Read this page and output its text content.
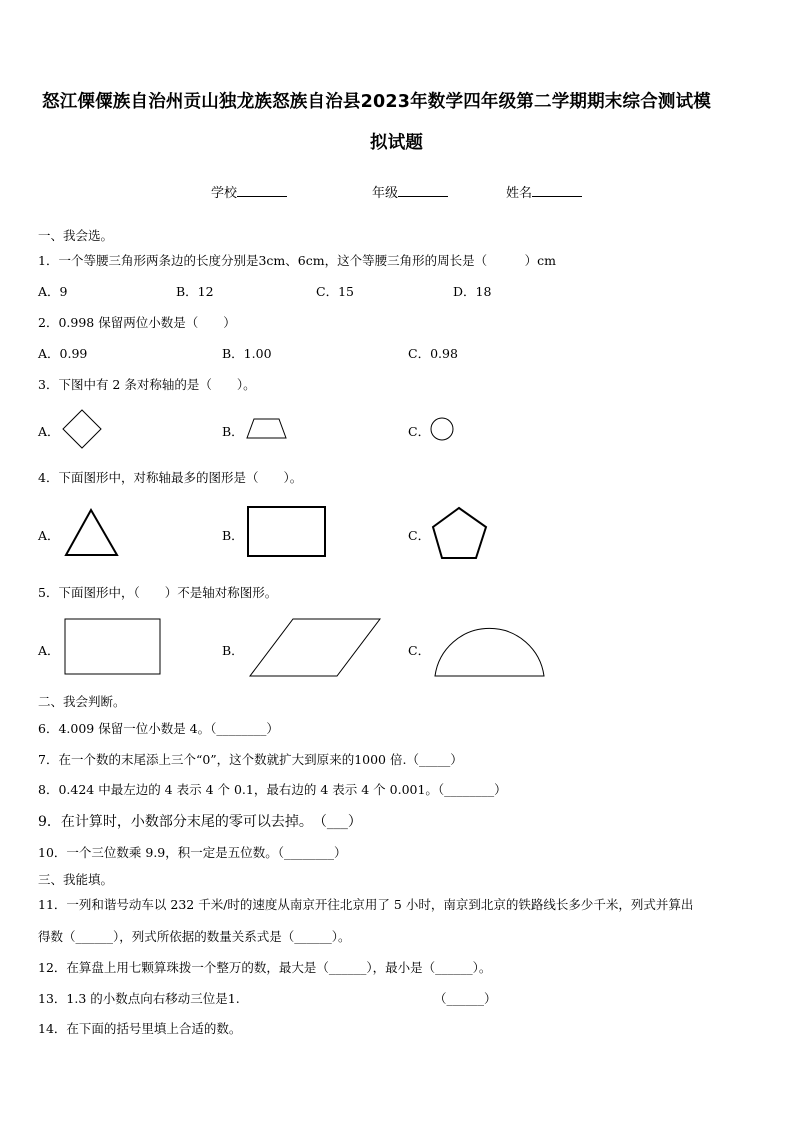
怒江傈僳族自治州贡山独龙族怒族自治县2023年数学四年级第二学期期末综合测试模
拟试题
学校	年级	姓名
一、我会选。
1．一个等腰三角形两条边的长度分别是3cm、6cm，这个等腰三角形的周长是（　　　）cm
A．9	B．12	C．15	D．18
2．0.998 保留两位小数是（　　）
A．0.99	B．1.00	C．0.98
3．下图中有 2 条对称轴的是（　　）。
A．	B．	C．
4．下面图形中，对称轴最多的图形是（　　）。
A．	B．	C．
5．下面图形中，（　　）不是轴对称图形。
A．	B．	C．
二、我会判断。
6．4.009 保留一位小数是 4。（________）
7．在一个数的末尾添上三个“0”，这个数就扩大到原来的1000 倍.（_____）
8．0.424 中最左边的 4 表示 4 个 0.1，最右边的 4 表示 4 个 0.001。（________）
9．在计算时，小数部分末尾的零可以去掉。　（___）
10．一个三位数乘 9.9，积一定是五位数。（________）
三、我能填。
11．一列和谐号动车以 232 千米/时的速度从南京开往北京用了 5 小时，南京到北京的铁路线长多少千米，列式并算出
得数（______），列式所依据的数量关系式是（______）。
12．在算盘上用七颗算珠拨一个整万的数，最大是（______），最小是（______）。
13．1.3 的小数点向右移动三位是1.	（______）
14．在下面的括号里填上合适的数。
